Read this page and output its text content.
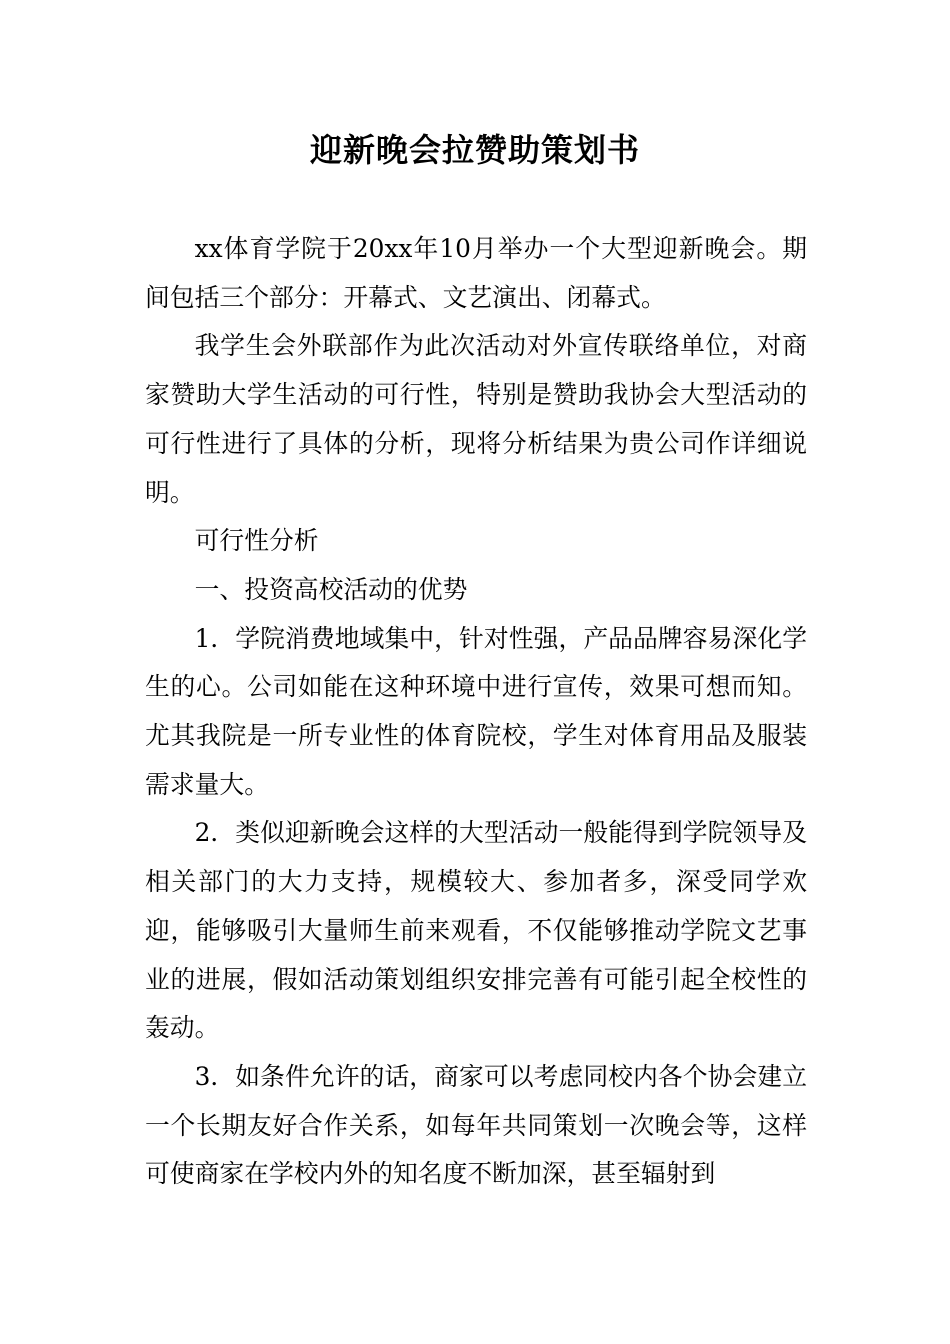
迎新晚会拉赞助策划书

xx体育学院于20xx年10月举办一个大型迎新晚会。期间包括三个部分：开幕式、文艺演出、闭幕式。

我学生会外联部作为此次活动对外宣传联络单位，对商家赞助大学生活动的可行性，特别是赞助我协会大型活动的可行性进行了具体的分析，现将分析结果为贵公司作详细说明。

可行性分析

一、投资高校活动的优势

1．学院消费地域集中，针对性强，产品品牌容易深化学生的心。公司如能在这种环境中进行宣传，效果可想而知。尤其我院是一所专业性的体育院校，学生对体育用品及服装需求量大。

2．类似迎新晚会这样的大型活动一般能得到学院领导及相关部门的大力支持，规模较大、参加者多，深受同学欢迎，能够吸引大量师生前来观看，不仅能够推动学院文艺事业的进展，假如活动策划组织安排完善有可能引起全校性的轰动。

3．如条件允许的话，商家可以考虑同校内各个协会建立一个长期友好合作关系，如每年共同策划一次晚会等，这样可使商家在学校内外的知名度不断加深，甚至辐射到
